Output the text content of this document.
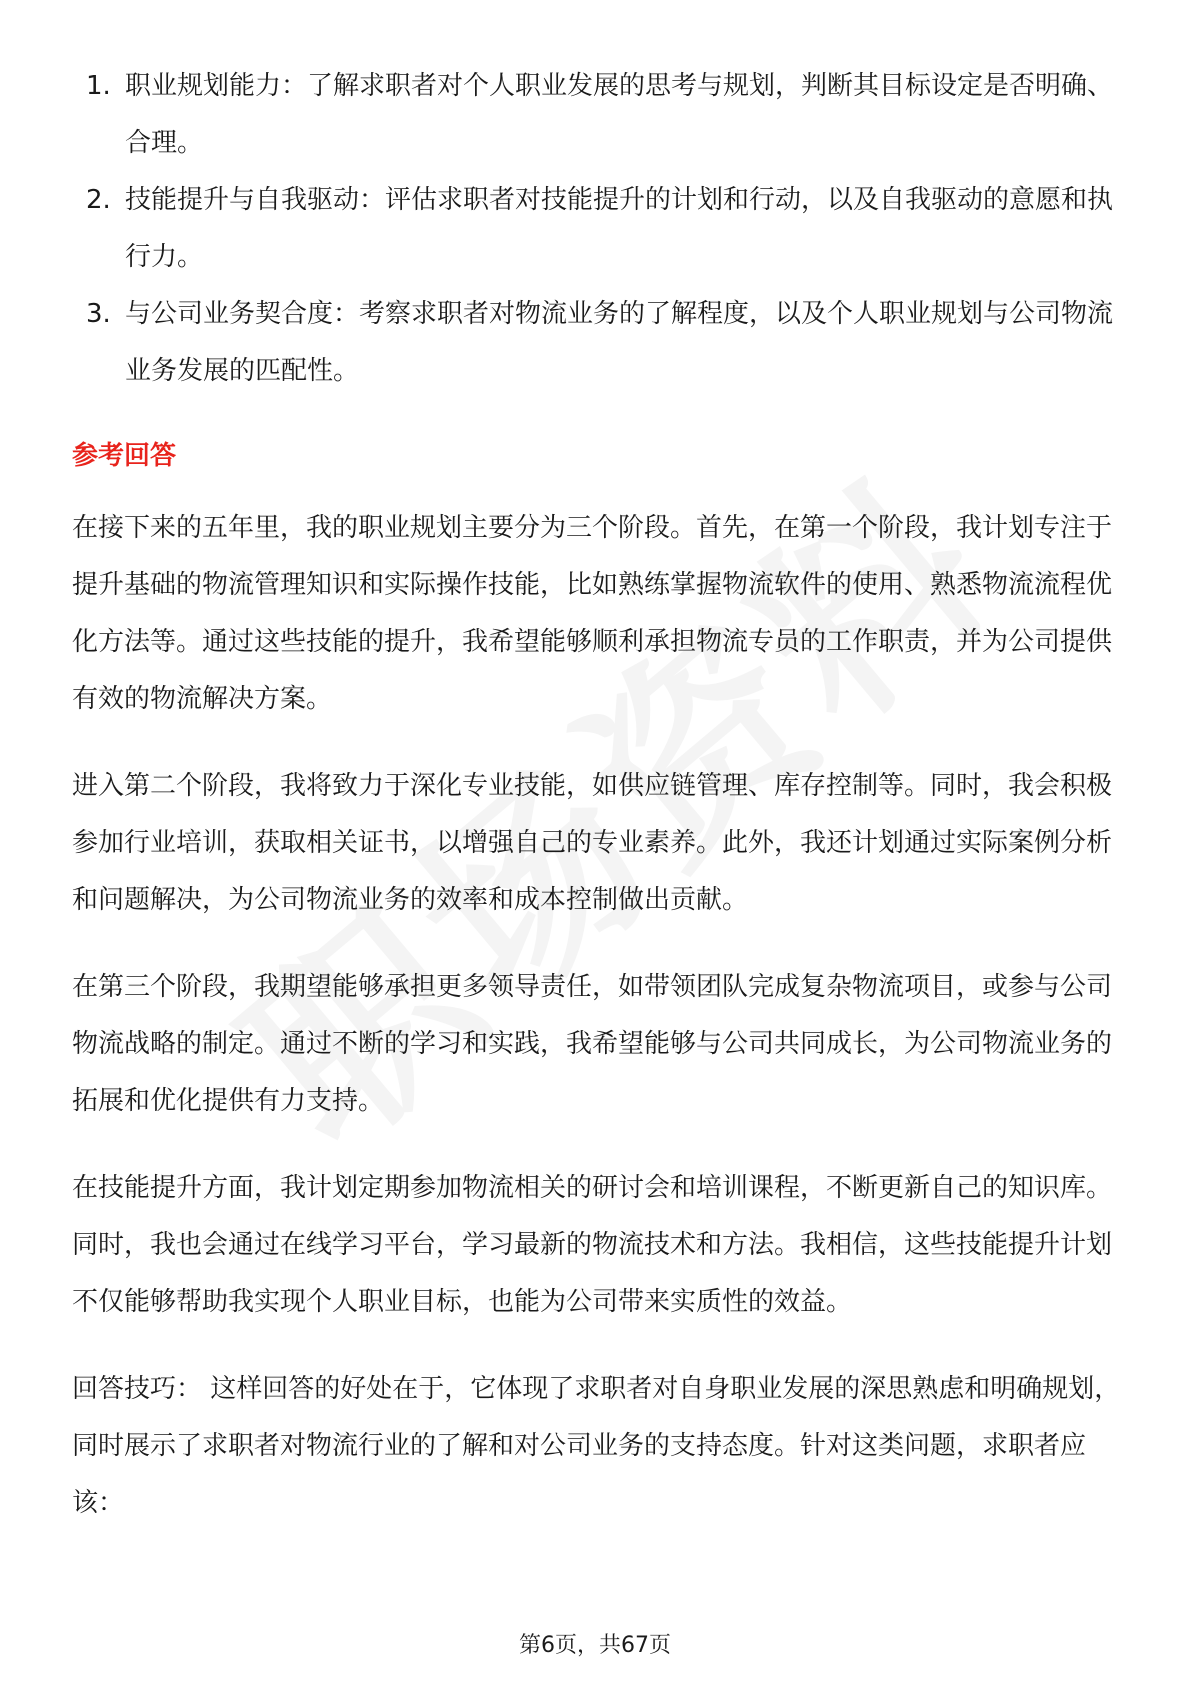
1. 职业规划能力：了解求职者对个人职业发展的思考与规划，判断其目标设定是否明确、合理。
2. 技能提升与自我驱动：评估求职者对技能提升的计划和行动，以及自我驱动的意愿和执行力。
3. 与公司业务契合度：考察求职者对物流业务的了解程度，以及个人职业规划与公司物流业务发展的匹配性。
参考回答

在接下来的五年里，我的职业规划主要分为三个阶段。首先，在第一个阶段，我计划专注于提升基础的物流管理知识和实际操作技能，比如熟练掌握物流软件的使用、熟悉物流流程优化方法等。通过这些技能的提升，我希望能够顺利承担物流专员的工作职责，并为公司提供有效的物流解决方案。

进入第二个阶段，我将致力于深化专业技能，如供应链管理、库存控制等。同时，我会积极参加行业培训，获取相关证书，以增强自己的专业素养。此外，我还计划通过实际案例分析和问题解决，为公司物流业务的效率和成本控制做出贡献。

在第三个阶段，我期望能够承担更多领导责任，如带领团队完成复杂物流项目，或参与公司物流战略的制定。通过不断的学习和实践，我希望能够与公司共同成长，为公司物流业务的拓展和优化提供有力支持。

在技能提升方面，我计划定期参加物流相关的研讨会和培训课程，不断更新自己的知识库。同时，我也会通过在线学习平台，学习最新的物流技术和方法。我相信，这些技能提升计划不仅能够帮助我实现个人职业目标，也能为公司带来实质性的效益。

回答技巧： 这样回答的好处在于，它体现了求职者对自身职业发展的深思熟虑和明确规划，同时展示了求职者对物流行业的了解和对公司业务的支持态度。针对这类问题，求职者应该：

第6页，共67页
